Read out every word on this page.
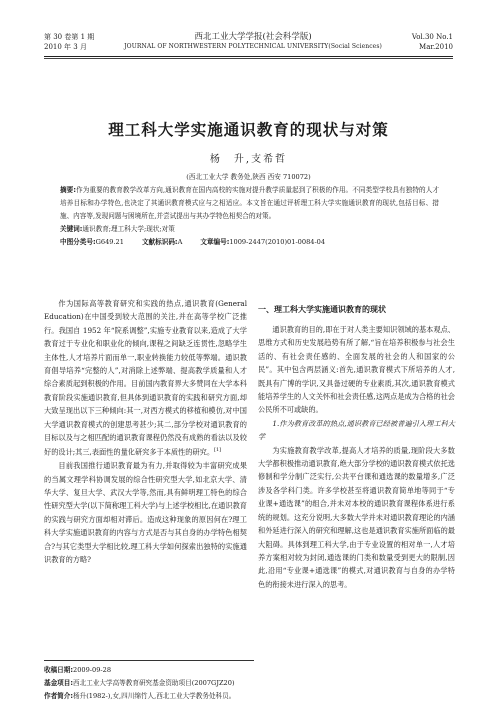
第 30 卷第 1 期
2010 年 3 月
西北工业大学学报(社会科学版)
JOURNAL OF NORTHWESTERN POLYTECHNICAL UNIVERSITY(Social Sciences)
Vol.30 No.1
Mar.2010
理工科大学实施通识教育的现状与对策
杨　升,支希哲
(西北工业大学 教务处,陕西 西安 710072)

摘要:作为重要的教育教学改革方向,通识教育在国内高校的实施对提升教学质量起到了积极的作用。不同类型学校具有独特的人才培养目标和办学特色,也决定了其通识教育模式应与之相适应。本文旨在通过评析理工科大学实施通识教育的现状,包括目标、措施、内容等,发现问题与困境所在,并尝试提出与其办学特色相契合的对策。

关键词:通识教育;理工科大学;现状;对策

中图分类号:G649.21	文献标识码:A	文章编号:1009-2447(2010)01-0084-04

作为国际高等教育研究和实践的热点,通识教育(General Education)在中国受到较大范围的关注,并在高等学校广泛推行。我国自 1952 年“院系调整”,实施专业教育以来,造成了大学教育过于专业化和职业化的倾向,课程之间缺乏连贯性,忽略学生主体性,人才培养片面而单一,职业转换能力较低等弊端。通识教育倡导培养“完整的人”,对消除上述弊端、提高教学质量和人才综合素质起到积极的作用。目前国内教育界大多赞同在大学本科教育阶段实施通识教育,但具体到通识教育的实践和研究方面,却大致呈现出以下三种倾向:其一,对西方模式的移植和模仿,对中国大学通识教育模式的创建思考甚少;其二,部分学校对通识教育的目标以及与之相匹配的通识教育课程仍然没有成熟的看法以及较好的设计;其三,表面性的量化研究多于本质性的研究。[1]

目前我国推行通识教育最为有力,并取得较为丰富研究成果的当属文理学科协调发展的综合性研究型大学,如北京大学、清华大学、复旦大学、武汉大学等,然而,具有鲜明理工特色的综合性研究型大学(以下简称理工科大学)与上述学校相比,在通识教育的实践与研究方面却相对滞后。造成这种现象的原因何在?理工科大学实施通识教育的内容与方式是否与其自身的办学特色相契合?与其它类型大学相比较,理工科大学如何探索出独特的实施通识教育的方略?

一、理工科大学实施通识教育的现状

通识教育的目的,即在于对人类主要知识领域的基本观点、思维方式和历史发展趋势有所了解,“旨在培养积极参与社会生活的、有社会责任感的、全面发展的社会的人和国家的公民”。其中包含两层涵义:首先,通识教育模式下所培养的人才,既具有广博的学识,又具备过硬的专业素质,其次,通识教育模式能培养学生的人文关怀和社会责任感,这两点是成为合格的社会公民所不可或缺的。

1.作为教育改革的热点,通识教育已经被普遍引入理工科大学

为实施教育教学改革,提高人才培养的质量,现阶段大多数大学都积极推动通识教育,绝大部分学校的通识教育模式依托选修制和学分制广泛实行,公共平台课和通选课的数量增多,广泛涉及各学科门类。许多学校甚至将通识教育简单地等同于“专业课+通选课”的组合,并未对本校的通识教育课程体系进行系统的规划。这充分说明,大多数大学并未对通识教育理论的内涵和外延进行深入的研究和理解,这也是通识教育实施所面临的最大阻碍。具体到理工科大学,由于专业设置的相对单一,人才培养方案相对较为封闭,通选课的门类和数量受到更大的限制,因此,沿用“专业课+通选课”的模式,对通识教育与自身的办学特色的衔接未进行深入的思考。

收稿日期:2009-09-28
基金项目:西北工业大学高等教育研究基金资助项目(2007GJZ20)
作者简介:杨升(1982-),女,四川绵竹人,西北工业大学教务处科员。
